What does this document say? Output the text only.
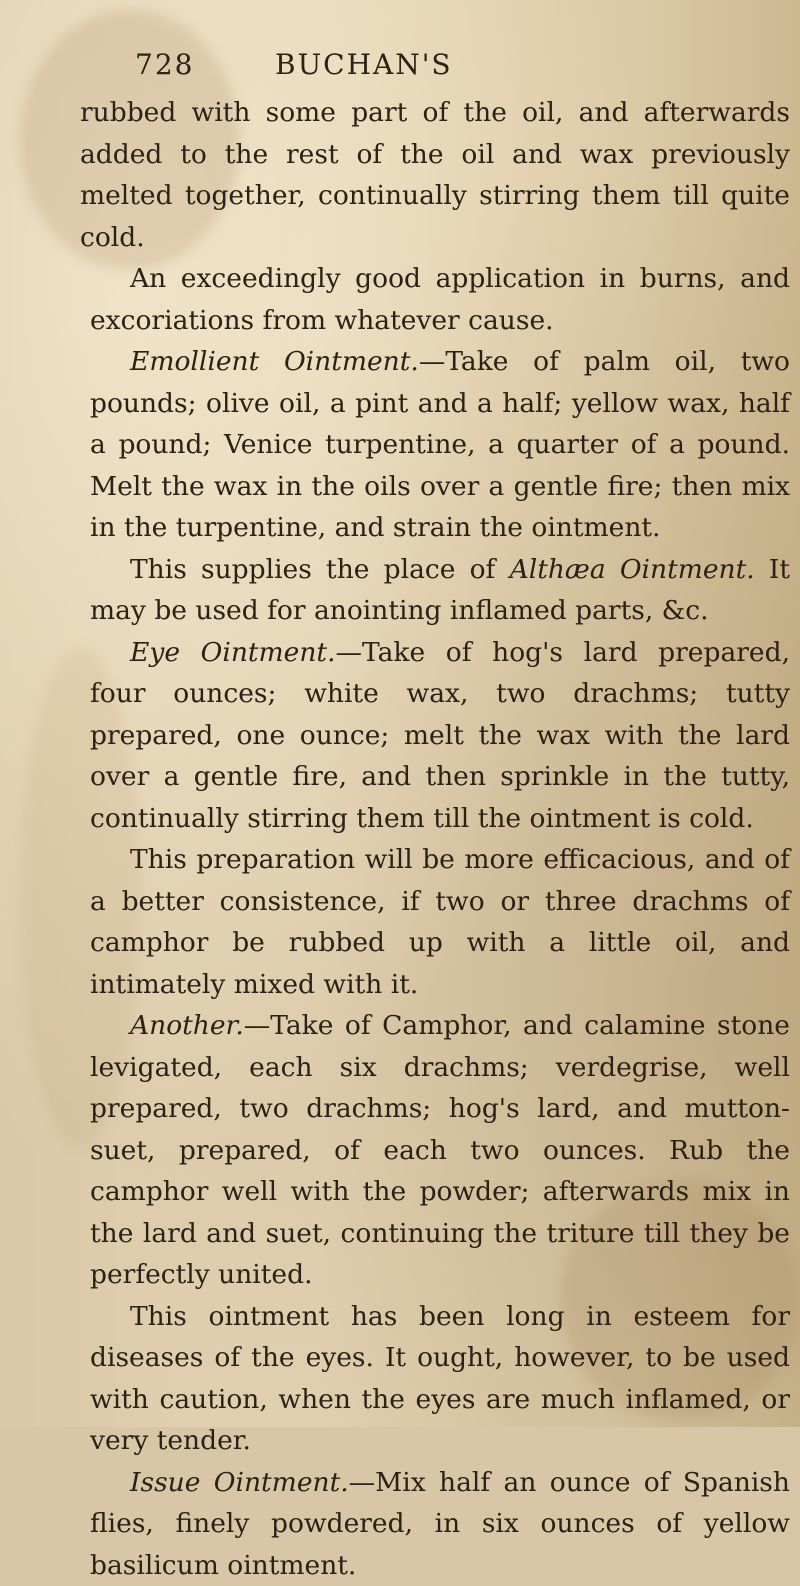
728	BUCHAN'S

rubbed with some part of the oil, and afterwards added to the rest of the oil and wax previously melted together, continually stirring them till quite cold.

An exceedingly good application in burns, and excoriations from whatever cause.

Emollient Ointment.—Take of palm oil, two pounds; olive oil, a pint and a half; yellow wax, half a pound; Venice turpentine, a quarter of a pound. Melt the wax in the oils over a gentle fire; then mix in the turpentine, and strain the ointment.

This supplies the place of Althæa Ointment. It may be used for anointing inflamed parts, &c.

Eye Ointment.—Take of hog's lard prepared, four ounces; white wax, two drachms; tutty prepared, one ounce; melt the wax with the lard over a gentle fire, and then sprinkle in the tutty, continually stirring them till the ointment is cold.

This preparation will be more efficacious, and of a better consistence, if two or three drachms of camphor be rubbed up with a little oil, and intimately mixed with it.

Another.—Take of Camphor, and calamine stone levigated, each six drachms; verdegrise, well prepared, two drachms; hog's lard, and mutton-suet, prepared, of each two ounces. Rub the camphor well with the powder; afterwards mix in the lard and suet, continuing the triture till they be perfectly united.

This ointment has been long in esteem for diseases of the eyes. It ought, however, to be used with caution, when the eyes are much inflamed, or very tender.

Issue Ointment.—Mix half an ounce of Spanish flies, finely powdered, in six ounces of yellow basilicum ointment.
